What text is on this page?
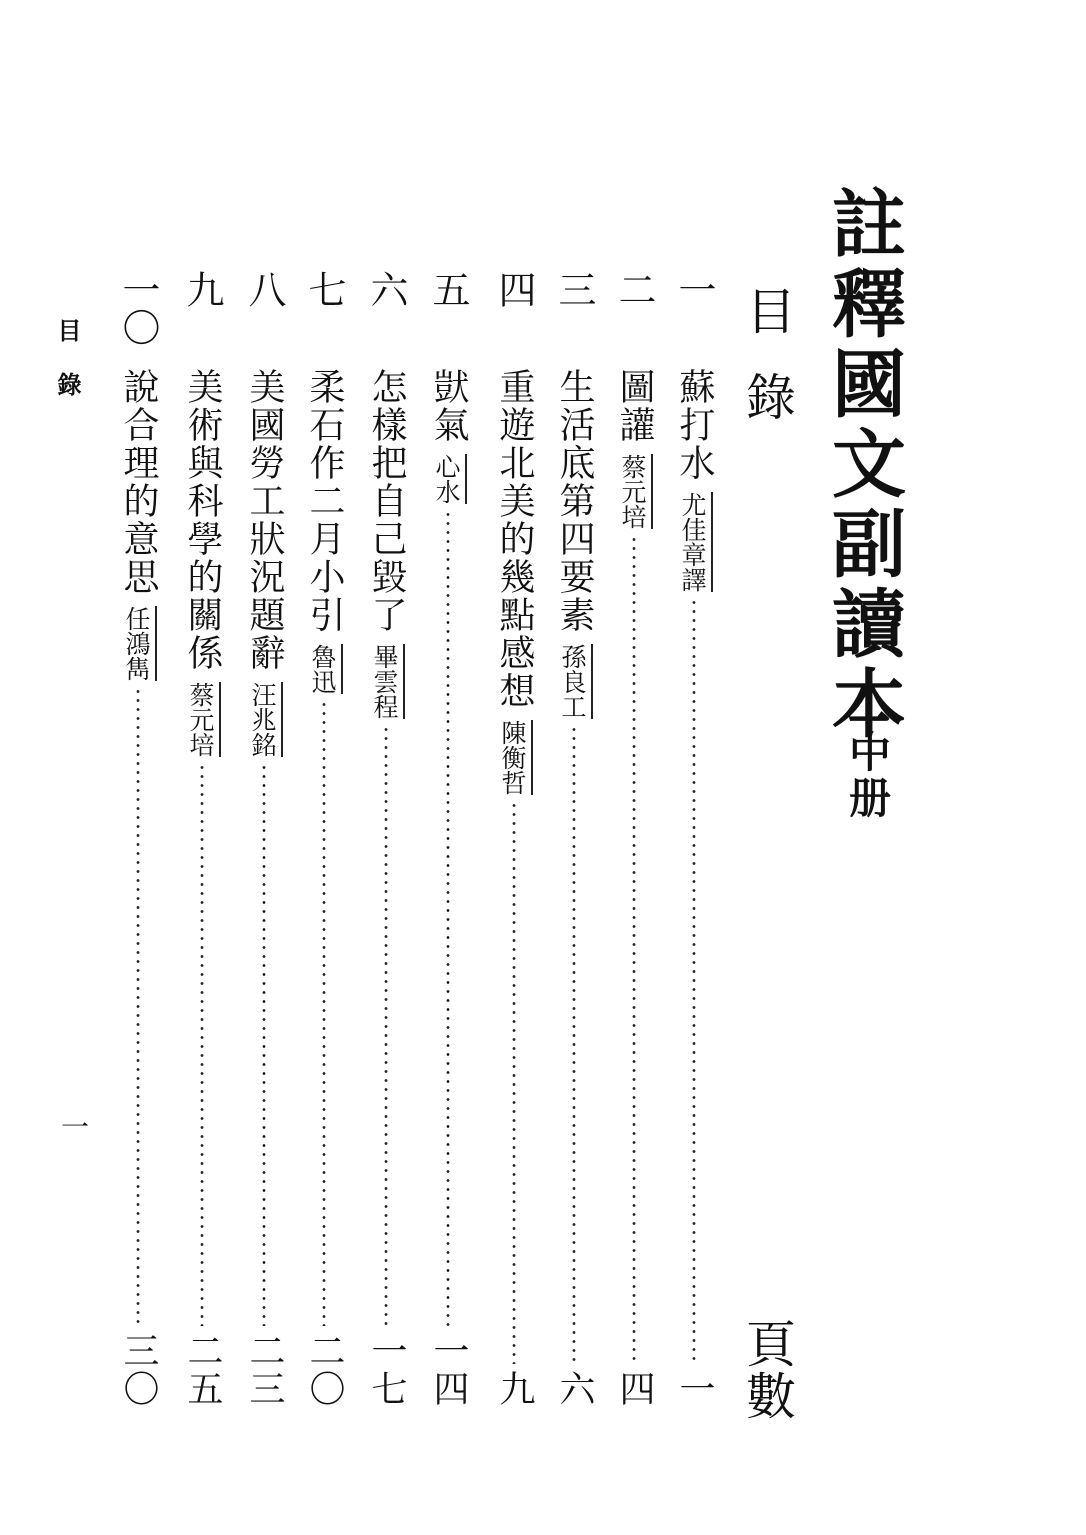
註釋國文副讀本
中册
目錄
頁數
一
蘇打水
尤佳章譯
一
二
圖讙
蔡元培
四
三
生活底第四要素
孫良工
六
四
重遊北美的幾點感想
陳衡哲
九
五
獃氣
心水
一四
六
怎樣把自己毀了
畢雲程
一七
七
柔石作二月小引
魯迅
二〇
八
美國勞工狀況題辭
汪兆銘
二三
九
美術與科學的關係
蔡元培
二五
一〇
說合理的意思
任鴻雋
三〇
目錄
一
